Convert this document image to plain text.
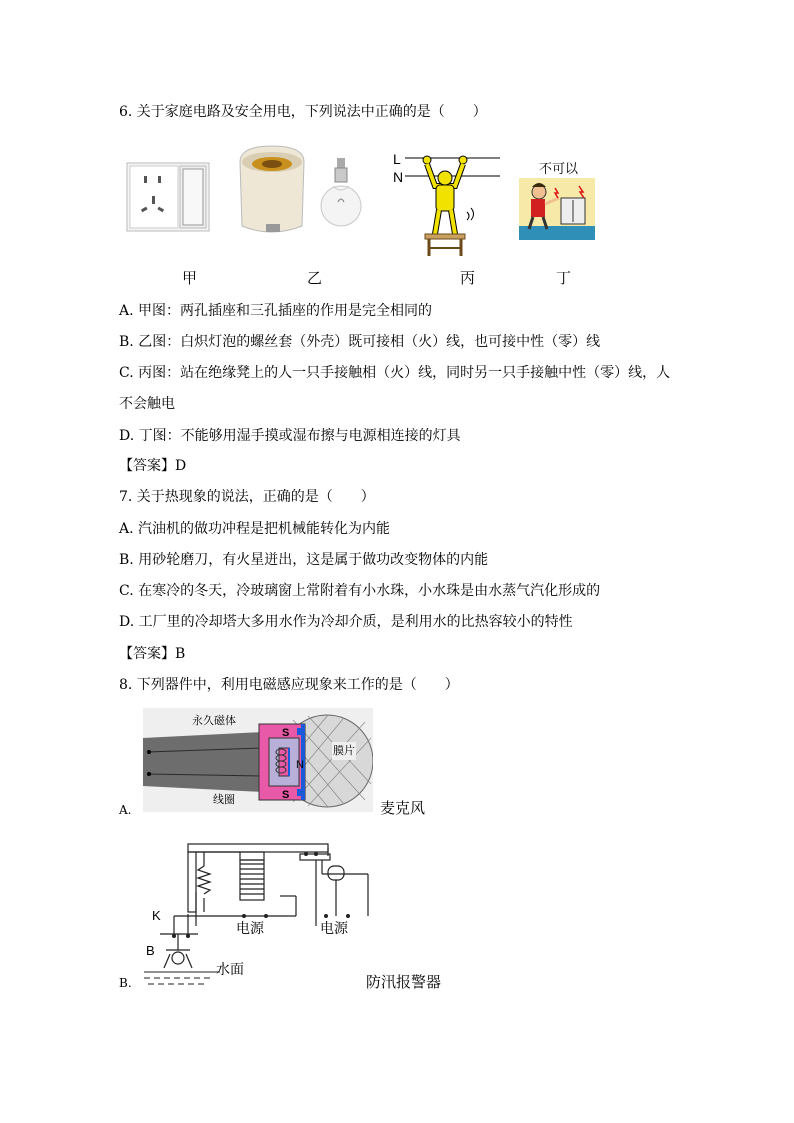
6. 关于家庭电路及安全用电，下列说法中正确的是（　　）
L
N
不可以
甲	乙	丙	丁
A. 甲图：两孔插座和三孔插座的作用是完全相同的
B. 乙图：白炽灯泡的螺丝套（外壳）既可接相（火）线，也可接中性（零）线
C. 丙图：站在绝缘凳上的人一只手接触相（火）线，同时另一只手接触中性（零）线，人
不会触电
D. 丁图：不能够用湿手摸或湿布擦与电源相连接的灯具
【答案】D
7. 关于热现象的说法，正确的是（　　）
A. 汽油机的做功冲程是把机械能转化为内能
B. 用砂轮磨刀，有火星迸出，这是属于做功改变物体的内能
C. 在寒冷的冬天，冷玻璃窗上常附着有小水珠，小水珠是由水蒸气汽化形成的
D. 工厂里的冷却塔大多用水作为冷却介质，是利用水的比热容较小的特性
【答案】B
8. 下列器件中，利用电磁感应现象来工作的是（　　）
永久磁体
S
N
S
膜片
线圈
A.	麦克风
K
B
电源	电源
水面
B.	防汛报警器
